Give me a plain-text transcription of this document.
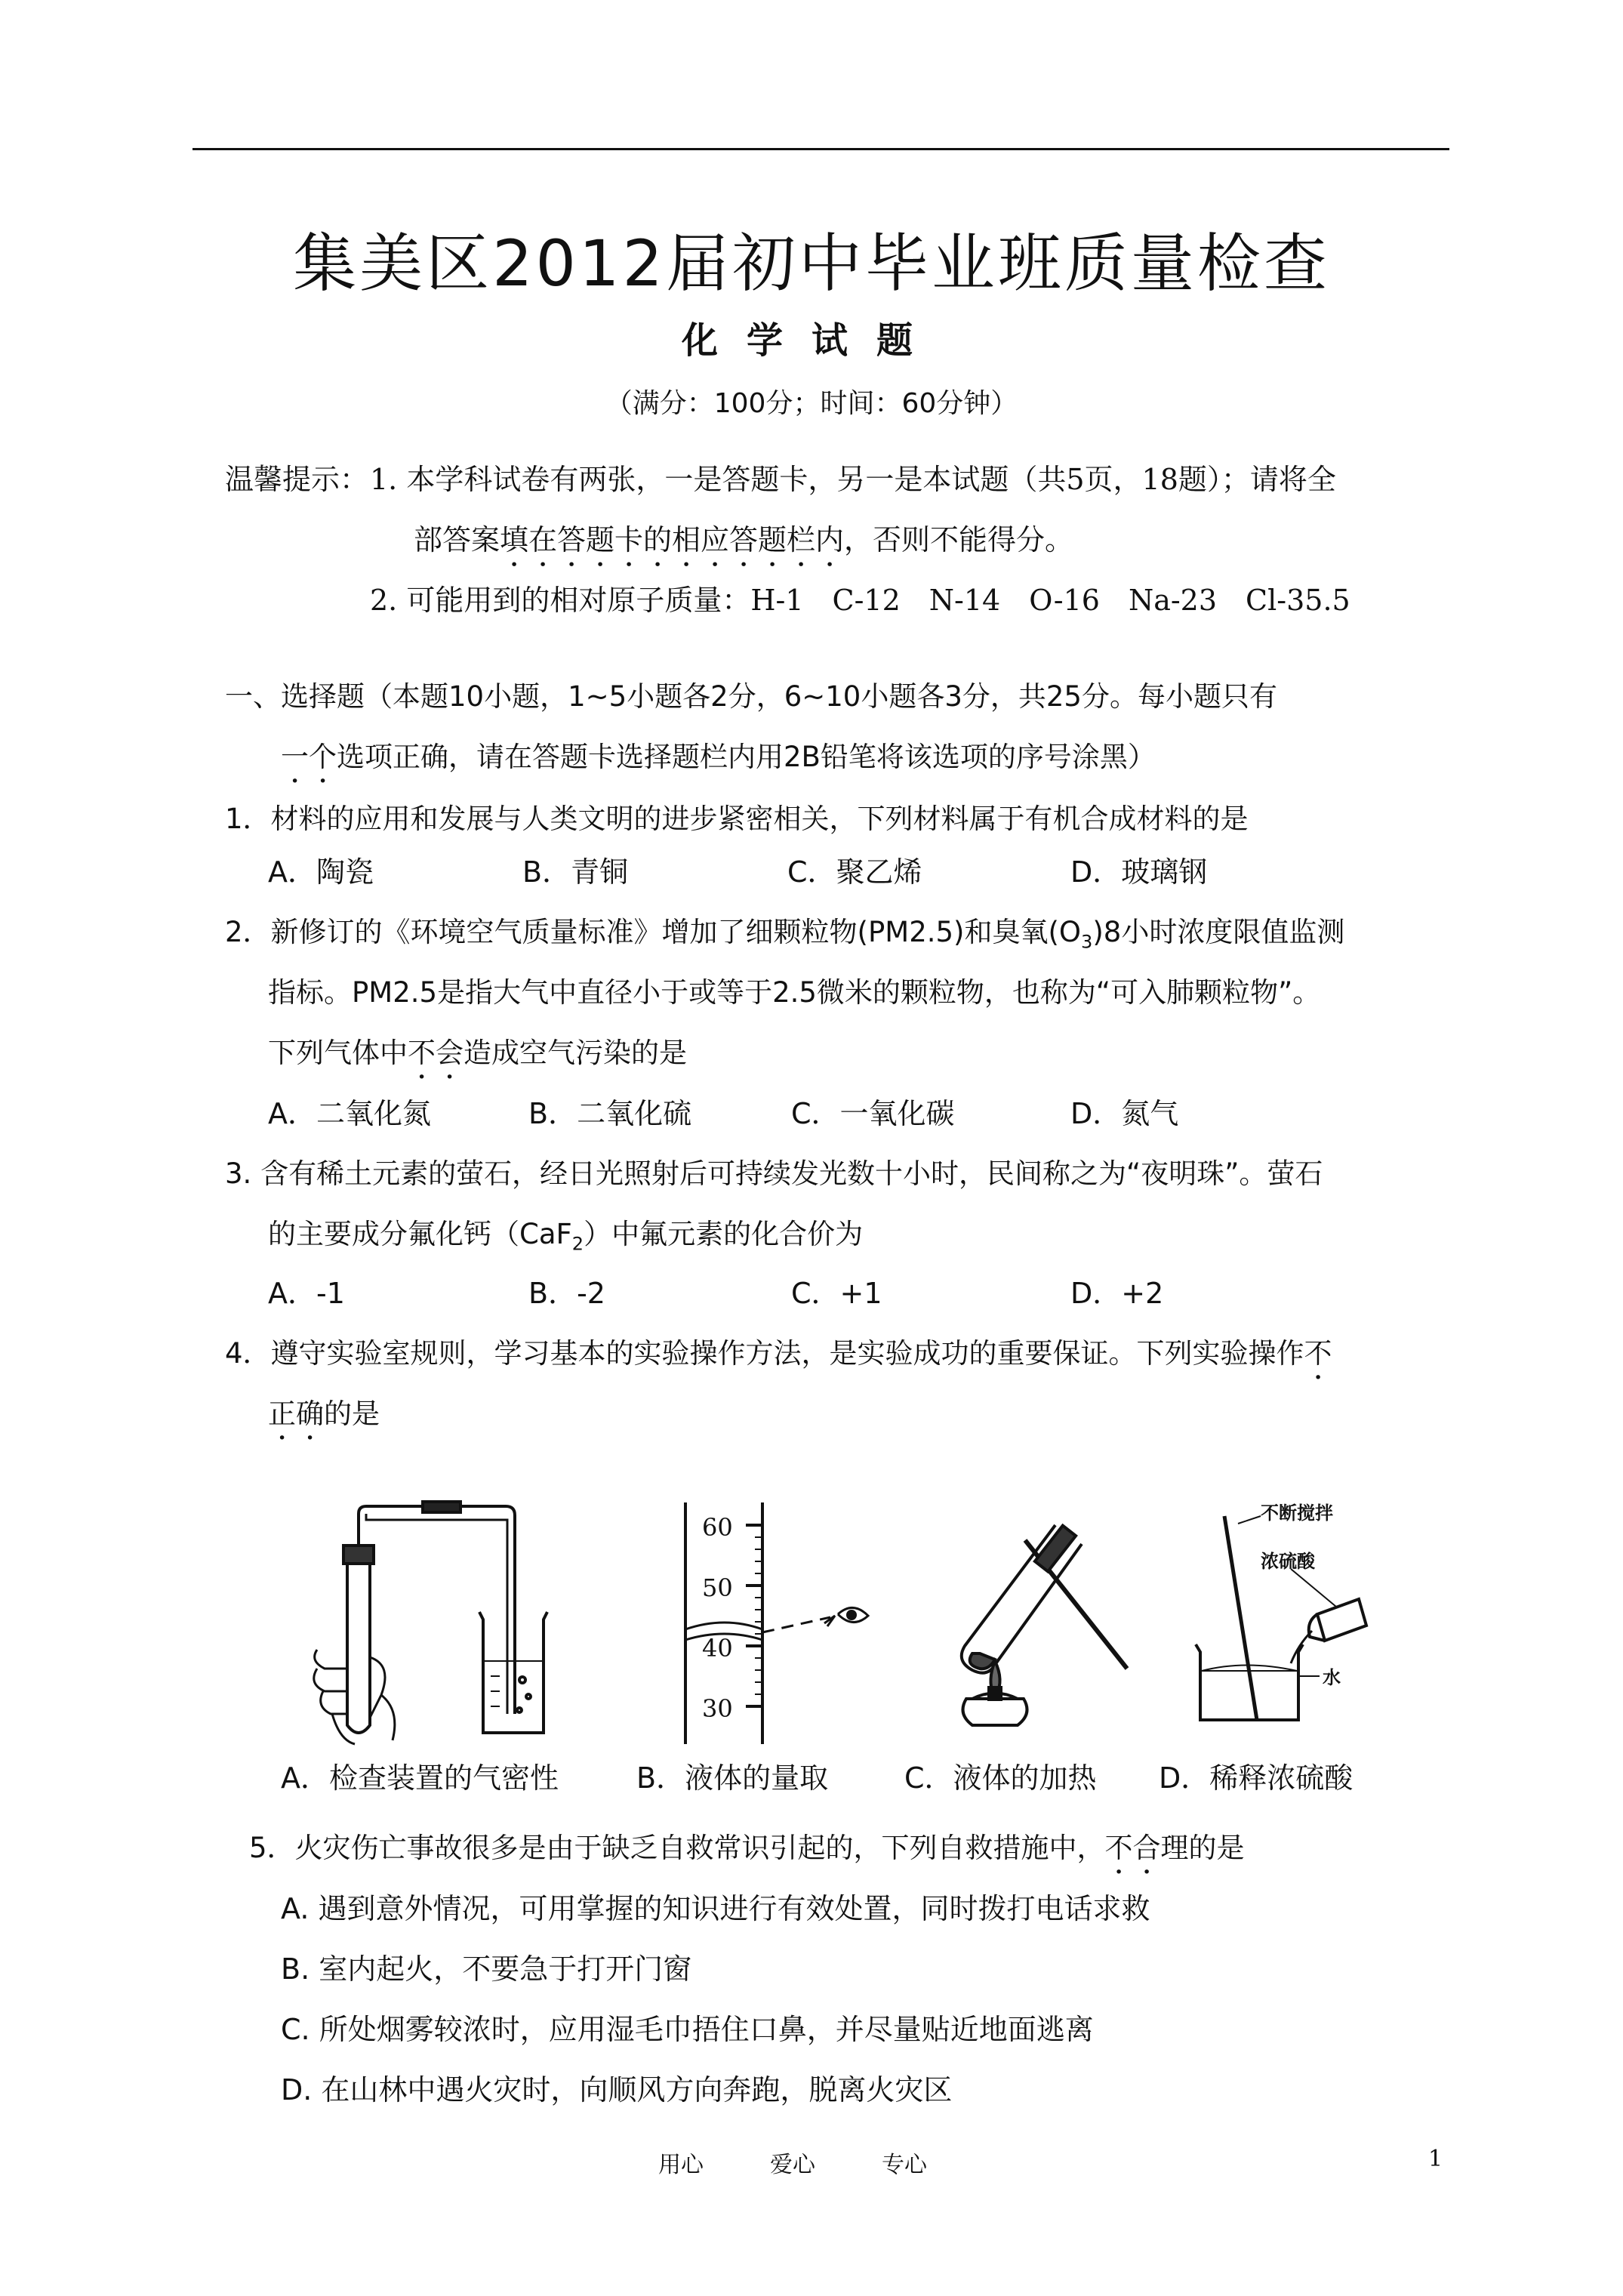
集美区2012届初中毕业班质量检查
化学试题
（满分：100分；时间：60分钟）
温馨提示： 1. 本学科试卷有两张，一是答题卡，另一是本试题（共5页，18题）；请将全
部答案填在答题卡的相应答题栏内，否则不能得分。
2. 可能用到的相对原子质量：H-1　C-12　N-14　O-16　Na-23　Cl-35.5
一、选择题（本题10小题，1~5小题各2分，6~10小题各3分，共25分。每小题只有
一个选项正确，请在答题卡选择题栏内用2B铅笔将该选项的序号涂黑）
1．材料的应用和发展与人类文明的进步紧密相关，下列材料属于有机合成材料的是
A．陶瓷	B．青铜	C．聚乙烯	D．玻璃钢
2．新修订的《环境空气质量标准》增加了细颗粒物(PM2.5)和臭氧$(O_3)8$小时浓度限值监测
指标。PM2.5是指大气中直径小于或等于2.5微米的颗粒物，也称为“可入肺颗粒物”。
下列气体中不会造成空气污染的是
A．二氧化氮	B．二氧化硫	C．一氧化碳	D．氮气
3. 含有稀土元素的萤石，经日光照射后可持续发光数十小时，民间称之为“夜明珠”。萤石
的主要成分氟化钙（CaF$_2$）中氟元素的化合价为
A．-1	B．-2	C．+1	D．+2
4．遵守实验室规则，学习基本的实验操作方法，是实验成功的重要保证。下列实验操作不
正确的是
60
50
40
30
不断搅拌
浓硫酸
水
A．检查装置的气密性	B．液体的量取	C．液体的加热 D．稀释浓硫酸
5．火灾伤亡事故很多是由于缺乏自救常识引起的，下列自救措施中，不合理的是
A. 遇到意外情况，可用掌握的知识进行有效处置，同时拨打电话求救
B. 室内起火，不要急于打开门窗
C. 所处烟雾较浓时，应用湿毛巾捂住口鼻，并尽量贴近地面逃离
D. 在山林中遇火灾时，向顺风方向奔跑，脱离火灾区
用心	爱心	专心	1
